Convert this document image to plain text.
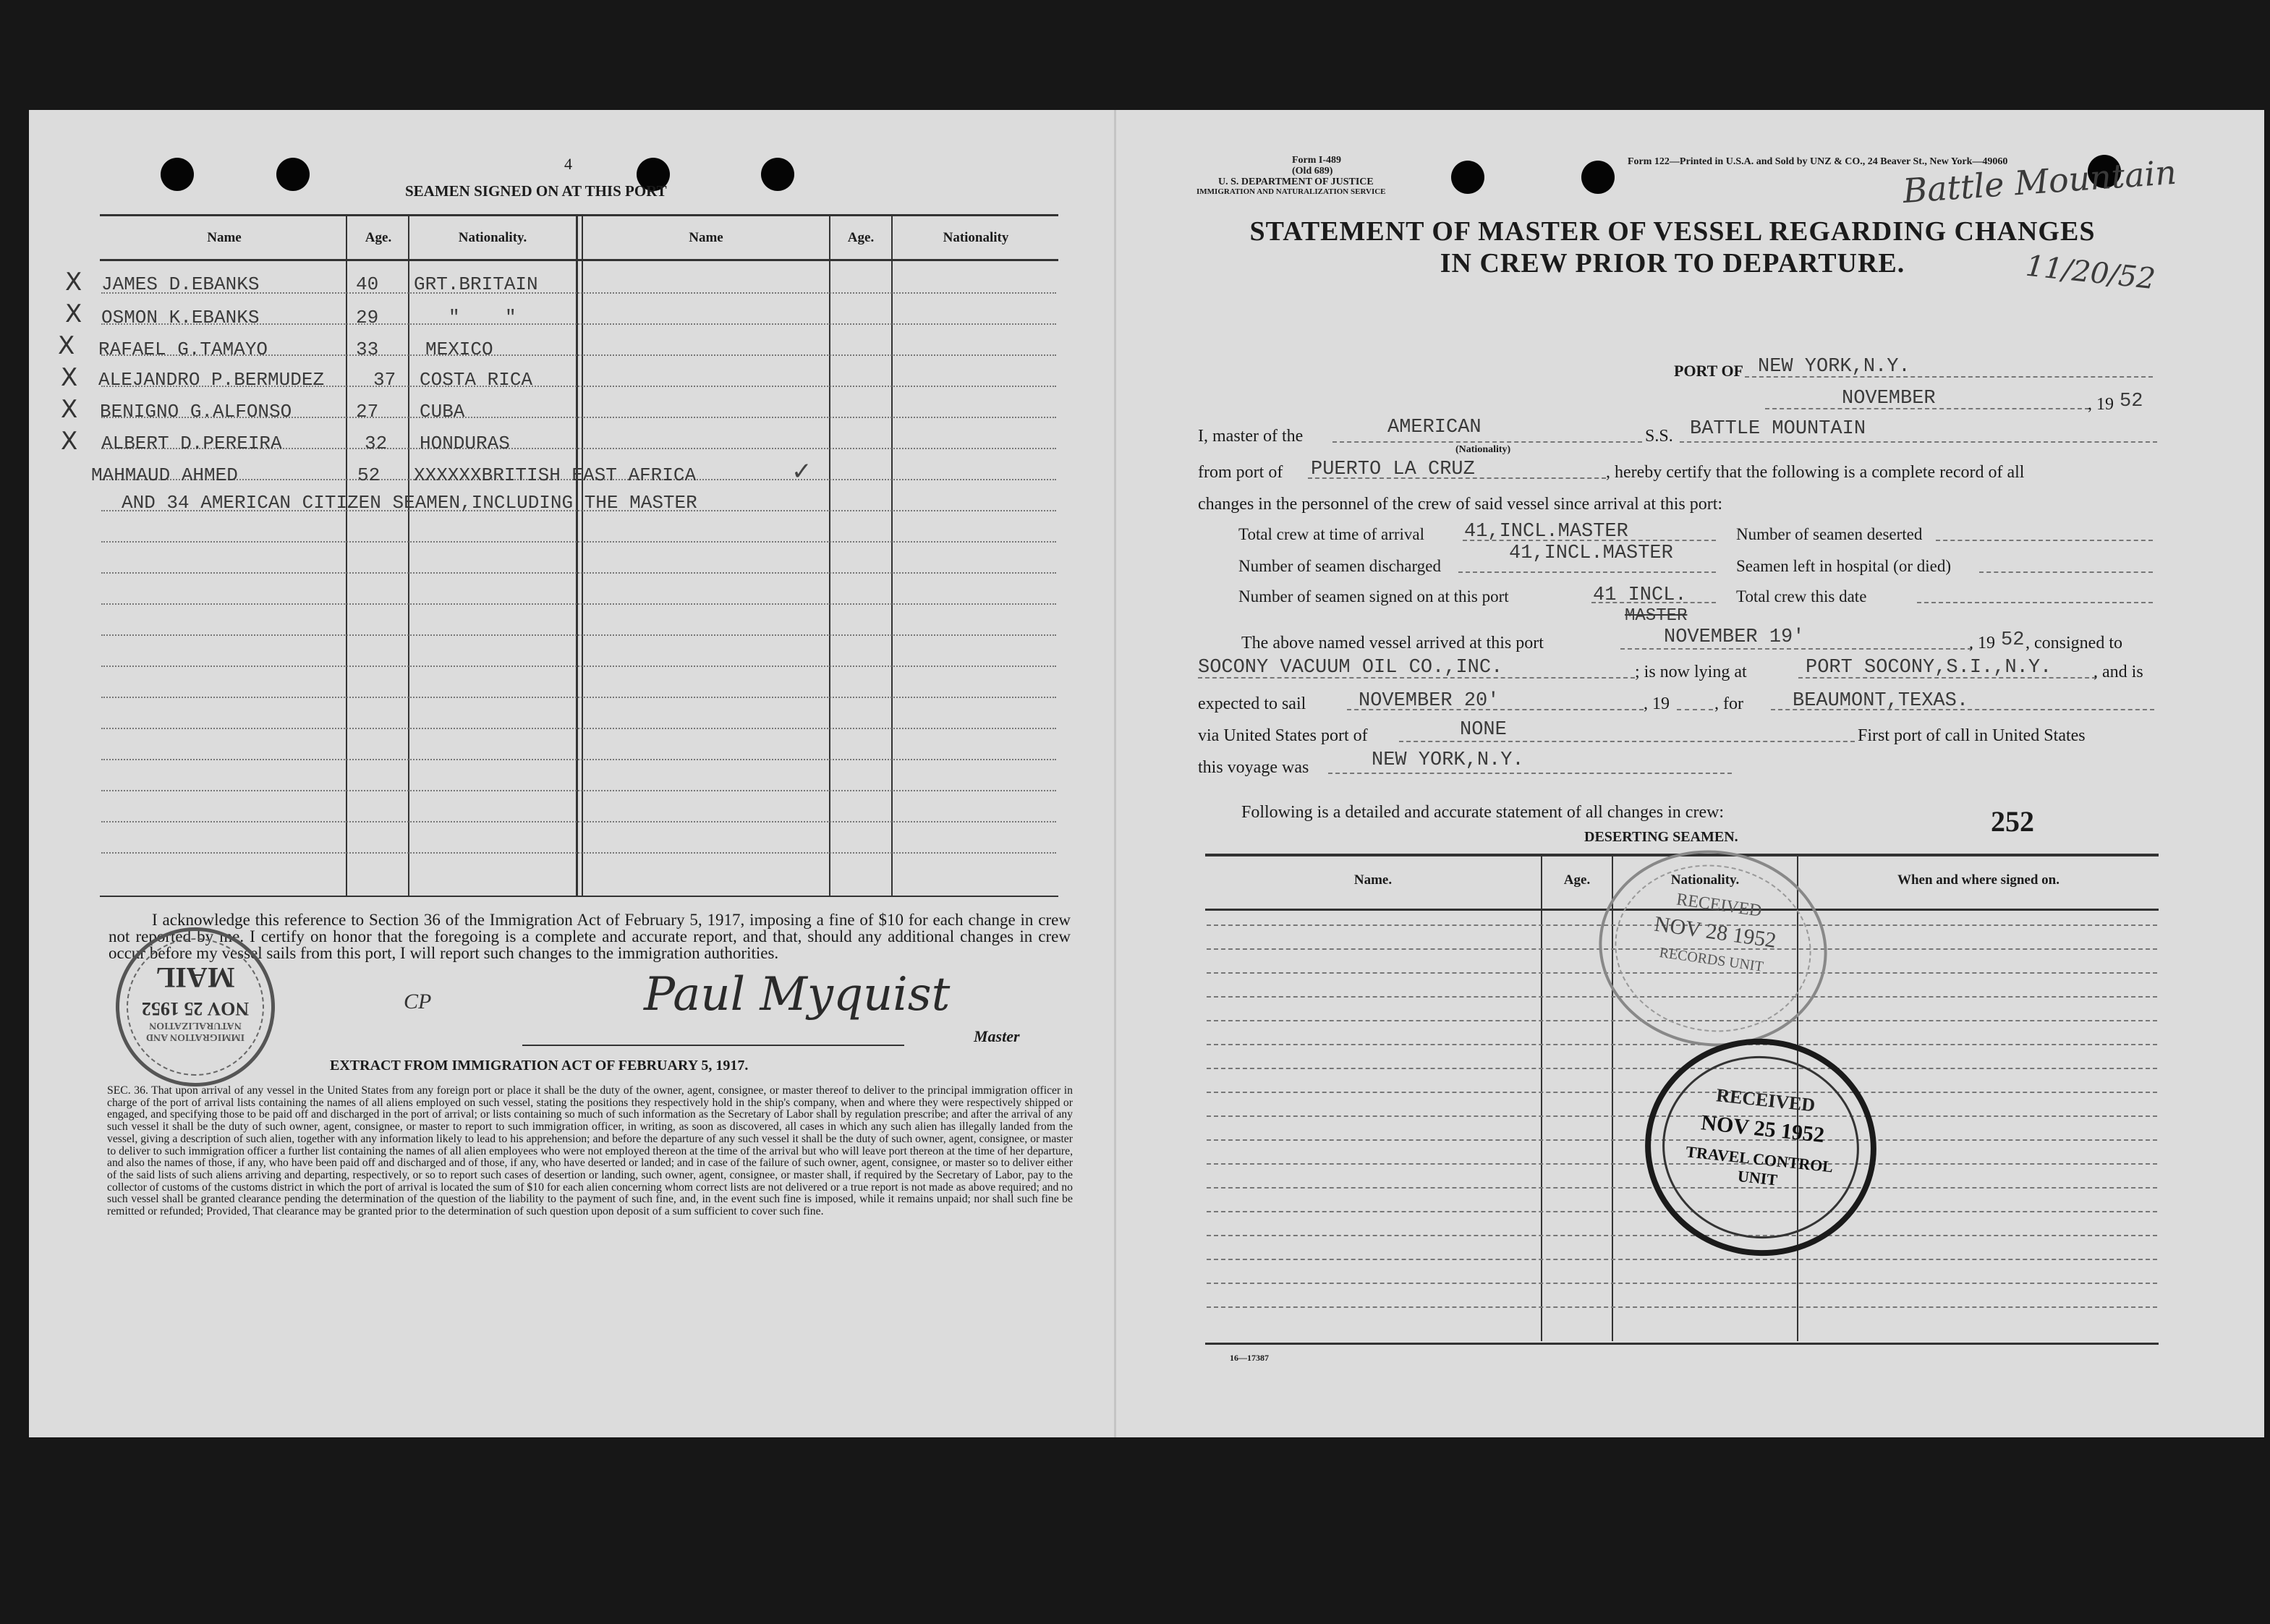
4
SEAMEN SIGNED ON AT THIS PORT
Name	Age.	Nationality.	Name	Age.	Nationality
X JAMES D.EBANKS	40 GRT.BRITAIN
X OSMON K.EBANKS	29	"    "
X RAFAEL G.TAMAYO	33 MEXICO
X ALEJANDRO P.BERMUDEZ	37 COSTA RICA
X BENIGNO G.ALFONSO	27 CUBA
X ALBERT D.PEREIRA	32 HONDURAS
MAHMAUD AHMED	52 XXXXXXBRITISH EAST AFRICA	✓
AND 34 AMERICAN CITIZEN SEAMEN,INCLUDING THE MASTER
I acknowledge this reference to Section 36 of the Immigration Act of February 5, 1917, imposing a fine of $10 for each change in crew not reported by me. I certify on honor that the foregoing is a complete and accurate report, and that, should any additional changes in crew occur before my vessel sails from this port, I will report such changes to the immigration authorities.
IMMIGRATION AND NATURALIZATION
NOV 25 1952
MAIL	Paul Myquist
CP
Master
EXTRACT FROM IMMIGRATION ACT OF FEBRUARY 5, 1917.
SEC. 36. That upon arrival of any vessel in the United States from any foreign port or place it shall be the duty of the owner, agent, consignee, or master thereof to deliver to the principal immigration officer in charge of the port of arrival lists containing the names of all aliens employed on such vessel, stating the positions they respectively hold in the ship's company, when and where they were respectively shipped or engaged, and specifying those to be paid off and discharged in the port of arrival; or lists containing so much of such information as the Secretary of Labor shall by regulation prescribe; and after the arrival of any such vessel it shall be the duty of such owner, agent, consignee, or master to report to such immigration officer, in writing, as soon as discovered, all cases in which any such alien has illegally landed from the vessel, giving a description of such alien, together with any information likely to lead to his apprehension; and before the departure of any such vessel it shall be the duty of such owner, agent, consignee, or master to deliver to such immigration officer a further list containing the names of all alien employees who were not employed thereon at the time of the arrival but who will leave port thereon at the time of her departure, and also the names of those, if any, who have been paid off and discharged and of those, if any, who have deserted or landed; and in case of the failure of such owner, agent, consignee, or master so to deliver either of the said lists of such aliens arriving and departing, respectively, or so to report such cases of desertion or landing, such owner, agent, consignee, or master shall, if required by the Secretary of Labor, pay to the collector of customs of the customs district in which the port of arrival is located the sum of $10 for each alien concerning whom correct lists are not delivered or a true report is not made as above required; and no such vessel shall be granted clearance pending the determination of the question of the liability to the payment of such fine, and, in the event such fine is imposed, while it remains unpaid; nor shall such fine be remitted or refunded; Provided, That clearance may be granted prior to the determination of such question upon deposit of a sum sufficient to cover such fine.
Form I-489
(Old 689)
U. S. DEPARTMENT OF JUSTICE
IMMIGRATION AND NATURALIZATION SERVICE
Form 122—Printed in U.S.A. and Sold by UNZ & CO., 24 Beaver St., New York—49060
Battle Mountain
11/20/52
STATEMENT OF MASTER OF VESSEL REGARDING CHANGES
IN CREW PRIOR TO DEPARTURE.
PORT OF NEW YORK,N.Y.
NOVEMBER	, 19 52
I, master of the	AMERICAN
(Nationality)
S.S. BATTLE MOUNTAIN
from port of PUERTO LA CRUZ	, hereby certify that the following is a complete record of all
changes in the personnel of the crew of said vessel since arrival at this port:
Total crew at time of arrival 41,INCL.MASTER	Number of seamen deserted
Number of seamen discharged
41,INCL.MASTER
Seamen left in hospital (or died)
Number of seamen signed on at this port	41 INCL.
MASTER
Total crew this date
The above named vessel arrived at this port	NOVEMBER 19'	, 19 52 , consigned to
SOCONY VACUUM OIL CO.,INC.	; is now lying at	PORT SOCONY,S.I.,N.Y. , and is
expected to sail	NOVEMBER 20'	, 19	, for	BEAUMONT,TEXAS.
via United States port of	NONE	First port of call in United States
this voyage was	NEW YORK,N.Y.
Following is a detailed and accurate statement of all changes in crew:
DESERTING SEAMEN.	252
Name.	Age.	Nationality.	When and where signed on.
16—17387
RECEIVED
NOV 28 1952
RECORDS UNIT
RECEIVED
NOV 25 1952
TRAVEL CONTROL UNIT
